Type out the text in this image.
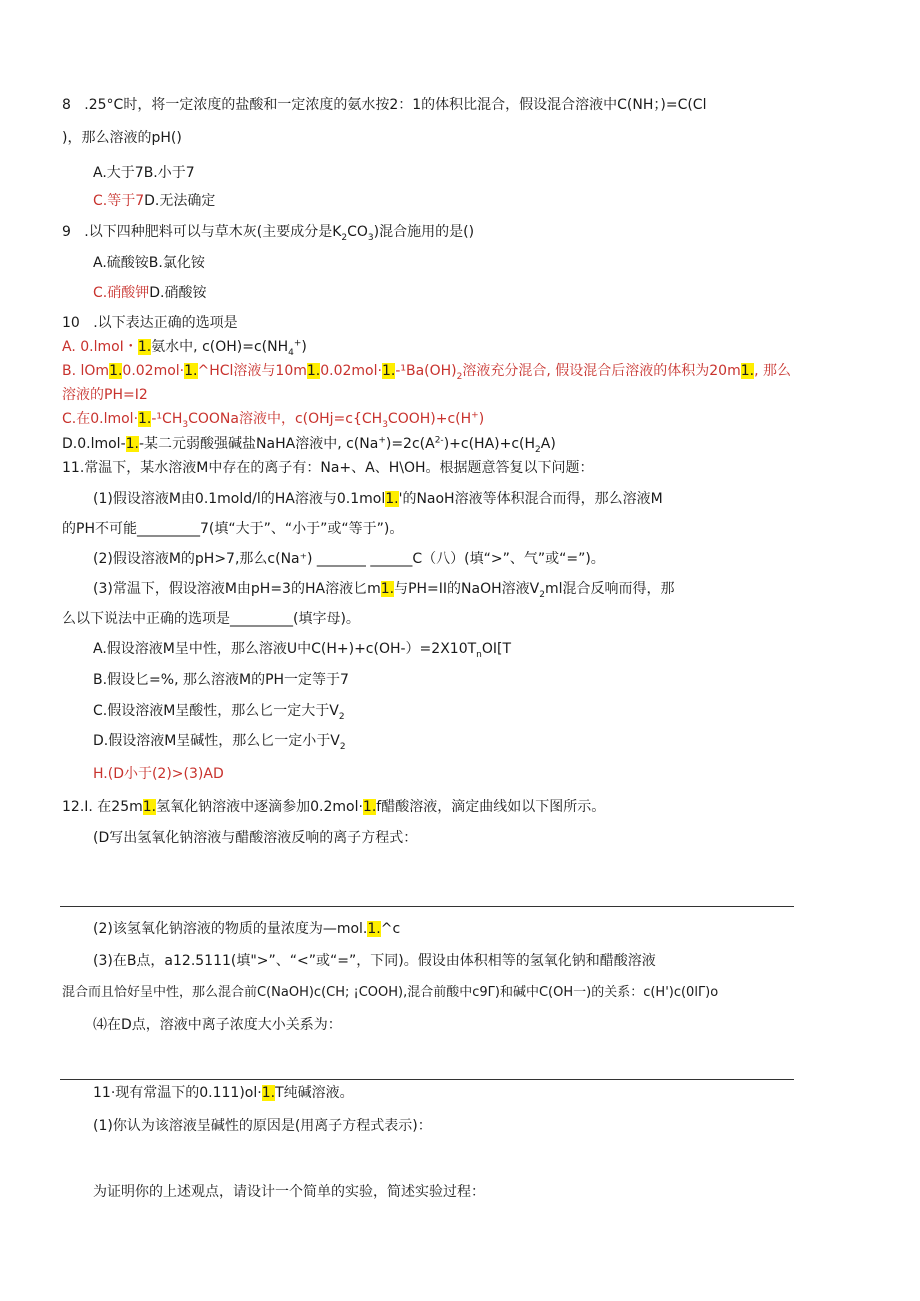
8 .25°C时，将一定浓度的盐酸和一定浓度的氨水按2：1的体积比混合，假设混合溶液中C(NH；)=C(Cl
)，那么溶液的pH()
A.大于7B.小于7
C.等于7D.无法确定
9 .以下四种肥料可以与草木灰(主要成分是$K_2CO_3$)混合施用的是()
A.硫酸铵B.氯化铵
C.硝酸钾D.硝酸铵
10 .以下表达正确的选项是
A. 0.lmoI・1.氨水中, $c(OH)=c(NH_4^+)$
B. lOm1.0.02mol·1.^HCl溶液与$10m1.0.02mol\cdot 1.-^1Ba(OH)_2$溶液充分混合, 假设混合后溶液的体积为20m1., 那么
溶液的PH=I2
C.在$0.lmol\cdot 1.-^1CH_3COONa$溶液中，$c(OHj=c\{CH_3COOH)+c(H^+)$
D.0.lmol-1.-某二元弱酸强碱盐NaHA溶液中, $c(Na^+)=2c(A^{2-})+c(HA)+c(H_2A)$
11.常温下，某水溶液M中存在的离子有：Na+、A、H\OH。根据题意答复以下问题：
(1)假设溶液M由0.1mold/l的HA溶液与0.1mol1.'的NaoH溶液等体积混合而得，那么溶液M
的PH不可能_________7(填“大于”、“小于”或“等于”)。
(2)假设溶液M的pH>7,那么c(Na⁺) _______ ______C（八）(填“>”、气”或“=”)。
(3)常温下，假设溶液M由pH=3的HA溶液匕m1.与PH=II的NaOH溶液$V_2ml$混合反响而得，那
么以下说法中正确的选项是_________(填字母)。
A.假设溶液M呈中性，那么溶液U中$C(H+)+c(OH-)=2X10T_nOI[T$
B.假设匕=%, 那么溶液M的PH一定等于7
C.假设溶液M呈酸性，那么匕一定大于$V_2$
D.假设溶液M呈碱性，那么匕一定小于$V_2$
H.(D小于(2)>(3)AD
12.I. 在25m1.氢氧化钠溶液中逐滴参加0.2mol·1.f醋酸溶液，滴定曲线如以下图所示。
(D写出氢氧化钠溶液与醋酸溶液反响的离子方程式：
(2)该氢氧化钠溶液的物质的量浓度为—mol.1.^c
(3)在B点，a12.5111(填">”、“<”或“=”，下同)。假设由体积相等的氢氧化钠和醋酸溶液
混合而且恰好呈中性，那么混合前C(NaOH)c(CH; ¡COOH),混合前酸中c9Γ)和碱中C(OH一)的关系：c(H')c(0lΓ)o
⑷在D点，溶液中离子浓度大小关系为：
11·现有常温下的0.111)ol·1.T纯碱溶液。
(1)你认为该溶液呈碱性的原因是(用离子方程式表示)：
为证明你的上述观点，请设计一个简单的实验，简述实验过程：
